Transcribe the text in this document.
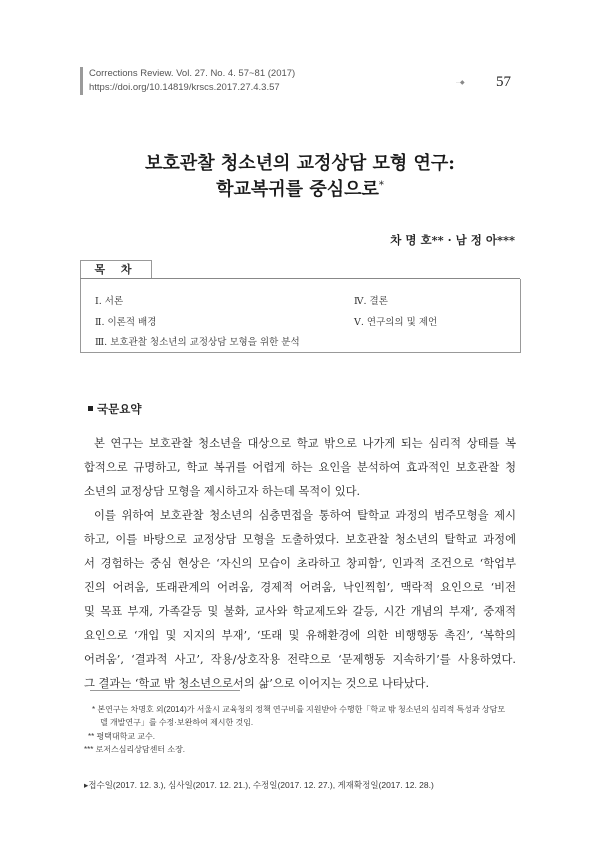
Corrections Review. Vol. 27. No. 4. 57~81 (2017)
https://doi.org/10.14819/krscs.2017.27.4.3.57	··◆ 57
보호관찰 청소년의 교정상담 모형 연구:
학교복귀를 중심으로*
차 명 호** · 남 정 아***
목 차
Ⅰ. 서론
Ⅱ. 이론적 배경
Ⅲ. 보호관찰 청소년의 교정상담 모형을 위한 분석
Ⅳ. 결론
Ⅴ. 연구의의 및 제언
국문요약
본 연구는 보호관찰 청소년을 대상으로 학교 밖으로 나가게 되는 심리적 상태를 복
합적으로 규명하고, 학교 복귀를 어렵게 하는 요인을 분석하여 효과적인 보호관찰 청
소년의 교정상담 모형을 제시하고자 하는데 목적이 있다.
이를 위하여 보호관찰 청소년의 심층면접을 통하여 탈학교 과정의 범주모형을 제시
하고, 이를 바탕으로 교정상담 모형을 도출하였다. 보호관찰 청소년의 탈학교 과정에
서 경험하는 중심 현상은 ‘자신의 모습이 초라하고 창피함’, 인과적 조건으로 ‘학업부
진의 어려움, 또래관계의 어려움, 경제적 어려움, 낙인찍힘’, 맥락적 요인으로 ‘비전
및 목표 부재, 가족갈등 및 불화, 교사와 학교제도와 갈등, 시간 개념의 부재’, 중재적
요인으로 ‘개입 및 지지의 부재’, ‘또래 및 유해환경에 의한 비행행동 촉진’, ‘복학의
어려움’, ‘결과적 사고’, 작용/상호작용 전략으로 ‘문제행동 지속하기’를 사용하였다.
그 결과는 ‘학교 밖 청소년으로서의 삶’으로 이어지는 것으로 나타났다.
* 본연구는 차명호 외(2014)가 서울시 교육청의 정책 연구비를 지원받아 수행한「학교 밖 청소년의 심리적 특성과 상담모
델 개발연구」를 수정·보완하여 제시한 것임.
** 평택대학교 교수.
*** 로저스심리상담센터 소장.
▸접수일(2017. 12. 3.), 심사일(2017. 12. 21.), 수정일(2017. 12. 27.), 게재확정일(2017. 12. 28.)
